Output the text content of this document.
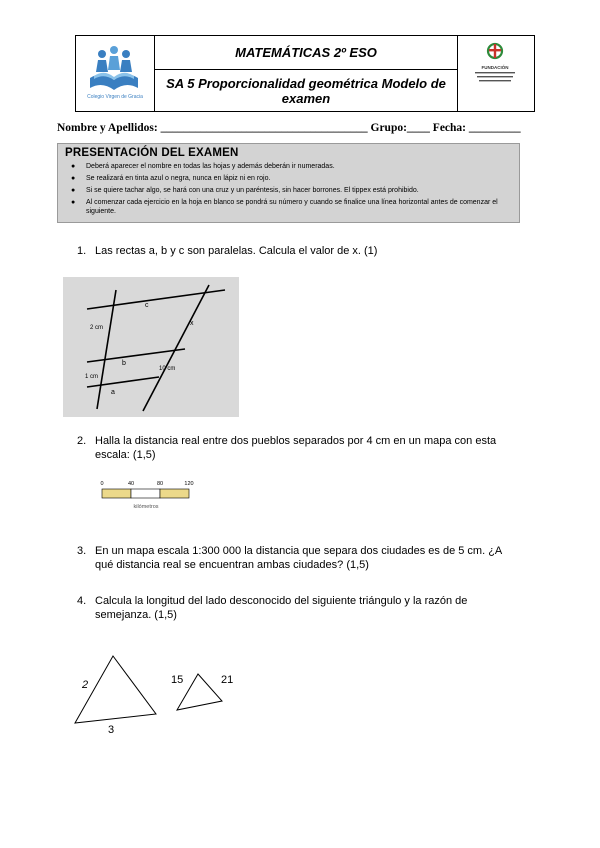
Colegio Virgen de Gracia
MATEMÁTICAS 2º ESO
SA 5 Proporcionalidad geométrica Modelo de examen
FUNDACIÓN
Nombre y Apellidos: ____________________________________ Grupo:____ Fecha: _________
PRESENTACIÓN DEL EXAMEN
● Deberá aparecer el nombre en todas las hojas y además deberán ir numeradas.
● Se realizará en tinta azul o negra, nunca en lápiz ni en rojo.
● Si se quiere tachar algo, se hará con una cruz y un paréntesis, sin hacer borrones. El tippex está prohibido.
● Al comenzar cada ejercicio en la hoja en blanco se pondrá su número y cuando se finalice una línea horizontal antes de comenzar el siguiente.
1. Las rectas a, b y c son paralelas. Calcula el valor de x. (1)
c
b
a
x
2 cm
1 cm
10 cm
2. Halla la distancia real entre dos pueblos separados por 4 cm en un mapa con esta
escala: (1,5)
0	40	80	120
kilómetros
3. En un mapa escala 1:300 000 la distancia que separa dos ciudades es de 5 cm. ¿A
qué distancia real se encuentran ambas ciudades? (1,5)
4. Calcula la longitud del lado desconocido del siguiente triángulo y la razón de
semejanza. (1,5)
2
3
15	21
